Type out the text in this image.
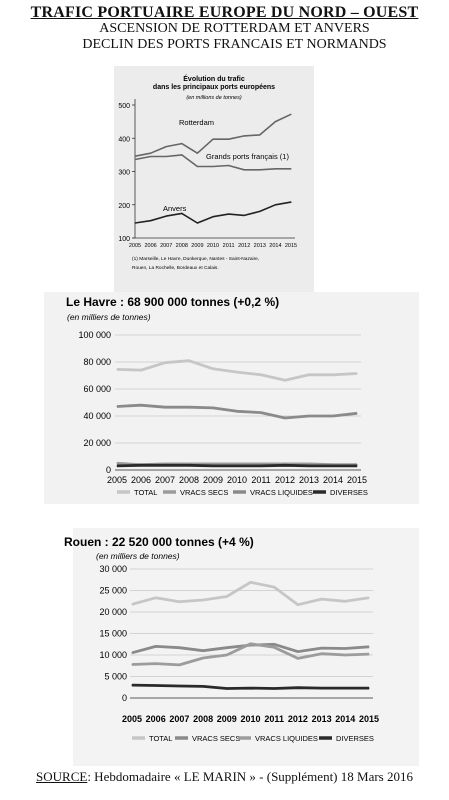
TRAFIC PORTUAIRE EUROPE DU NORD – OUEST
ASCENSION DE ROTTERDAM ET ANVERS
DECLIN DES PORTS FRANCAIS ET NORMANDS
Évolution du trafic
dans les principaux ports européens
(en millions de tonnes)
100
200
300
400
500
2005 2006 2007 2008 2009 2010 2011 2012 2013 2014 2015
Rotterdam
Grands ports français (1)
Anvers
(1) Marseille, Le Havre, Dunkerque, Nantes - Saint-Nazaire,
Rouen, La Rochelle, Bordeaux et Calais.
Le Havre : 68 900 000 tonnes (+0,2 %)
(en milliers de tonnes)
0
20 000
40 000
60 000
80 000
100 000
2005 2006 2007 2008 2009 2010 2011 2012 2013 2014 2015
TOTAL	VRACS SECS	VRACS LIQUIDES DIVERSES
Rouen : 22 520 000 tonnes (+4 %)
(en milliers de tonnes)
0
5 000
10 000
15 000
20 000
25 000
30 000
2005 2006 2007 2008 2009 2010 2011 2012 2013 2014 2015
TOTAL	VRACS SECS VRACS LIQUIDES DIVERSES
SOURCE: Hebdomadaire « LE MARIN » - (Supplément) 18 Mars 2016
